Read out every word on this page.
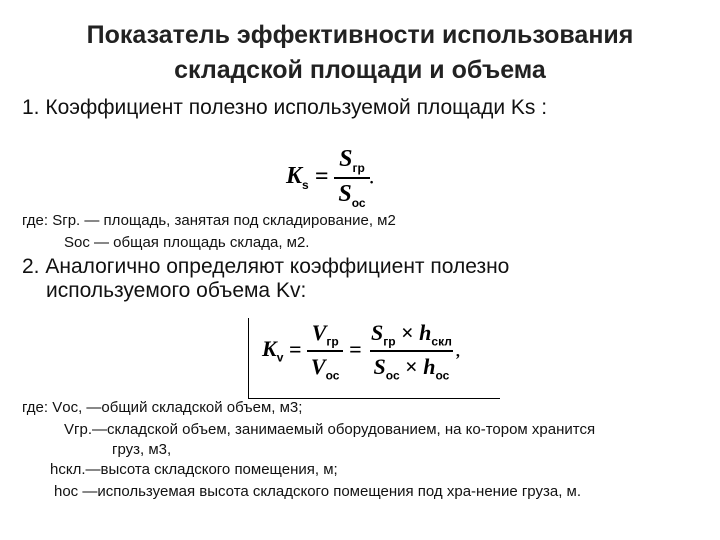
Показатель эффективности использования
складской площади и объема
1. Коэффициент полезно используемой площади Ks :
$K_s = \frac{S_{гр}}{S_{ос}}$ .
где: Sгр. — площадь, занятая под складирование, м2
Sос — общая площадь склада, м2.
2. Аналогично определяют коэффициент полезно
используемого объема Kv:
$K_v = \frac{V_{гр}}{V_{ос}} = \frac{S_{гр} \times h_{скл}}{S_{ос} \times h_{ос}}$ ,
где: Vос, —общий складской объем, м3;
Vгр.—складской объем, занимаемый оборудованием, на ко-тором хранится
груз, м3,
hскл.—высота складского помещения, м;
hос —используемая высота складского помещения под хра-нение груза, м.
